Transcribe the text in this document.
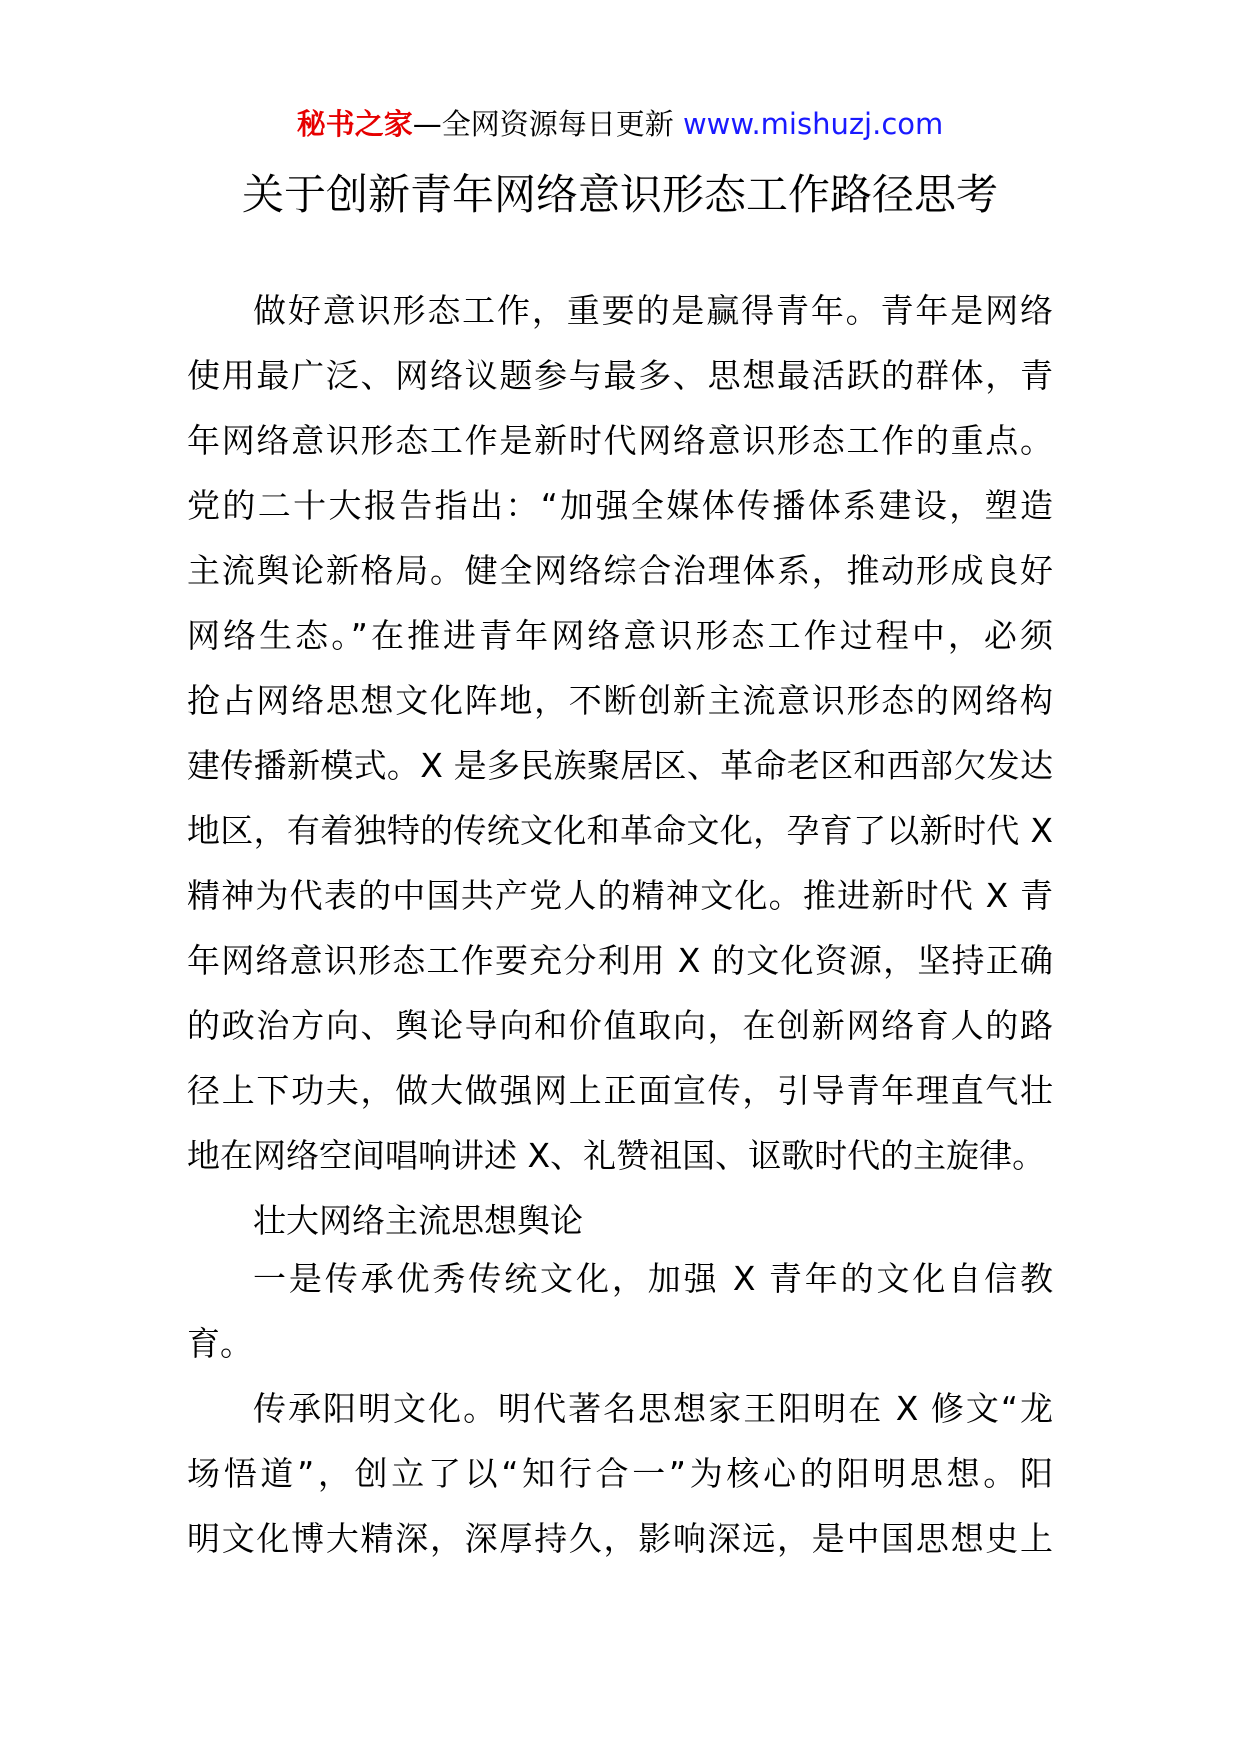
秘书之家—全网资源每日更新 www.mishuzj.com
关于创新青年网络意识形态工作路径思考
做好意识形态工作，重要的是赢得青年。青年是网络
使用最广泛、网络议题参与最多、思想最活跃的群体，青
年网络意识形态工作是新时代网络意识形态工作的重点。
党的二十大报告指出：“加强全媒体传播体系建设，塑造
主流舆论新格局。健全网络综合治理体系，推动形成良好
网络生态。”在推进青年网络意识形态工作过程中，必须
抢占网络思想文化阵地，不断创新主流意识形态的网络构
建传播新模式。X 是多民族聚居区、革命老区和西部欠发达
地区，有着独特的传统文化和革命文化，孕育了以新时代 X
精神为代表的中国共产党人的精神文化。推进新时代 X 青
年网络意识形态工作要充分利用 X 的文化资源，坚持正确
的政治方向、舆论导向和价值取向，在创新网络育人的路
径上下功夫，做大做强网上正面宣传，引导青年理直气壮
地在网络空间唱响讲述 X、礼赞祖国、讴歌时代的主旋律。
壮大网络主流思想舆论
一是传承优秀传统文化，加强 X 青年的文化自信教
育。
传承阳明文化。明代著名思想家王阳明在 X 修文“龙
场悟道”，创立了以“知行合一”为核心的阳明思想。阳
明文化博大精深，深厚持久，影响深远，是中国思想史上
